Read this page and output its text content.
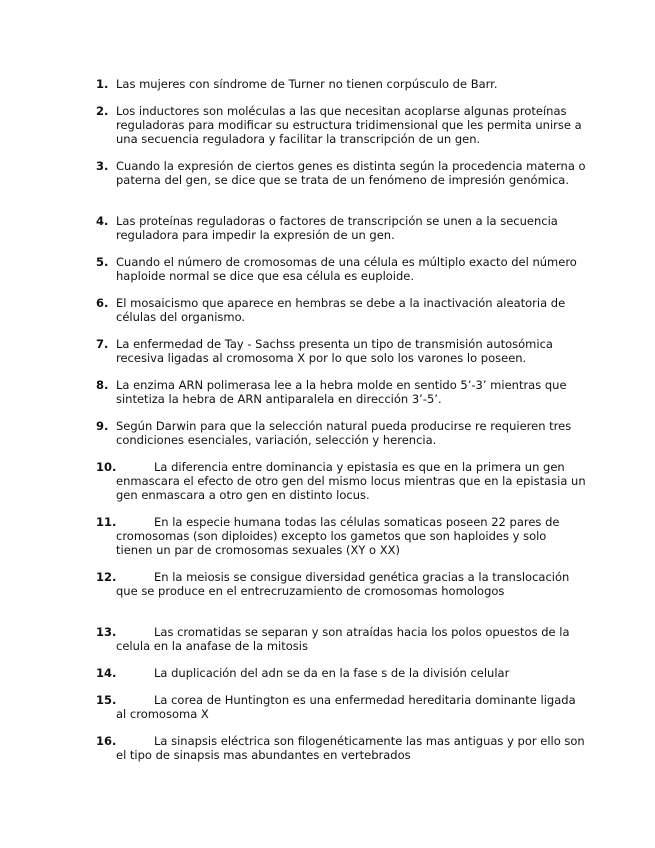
1. Las mujeres con síndrome de Turner no tienen corpúsculo de Barr.
2. Los inductores son moléculas a las que necesitan acoplarse algunas proteínas reguladoras para modificar su estructura tridimensional que les permita unirse a una secuencia reguladora y facilitar la transcripción de un gen.
3. Cuando la expresión de ciertos genes es distinta según la procedencia materna o paterna del gen, se dice que se trata de un fenómeno de impresión genómica.
4. Las proteínas reguladoras o factores de transcripción se unen a la secuencia reguladora para impedir la expresión de un gen.
5. Cuando el número de cromosomas de una célula es múltiplo exacto del número haploide normal se dice que esa célula es euploide.
6. El mosaicismo que aparece en hembras se debe a la inactivación aleatoria de células del organismo.
7. La enfermedad de Tay - Sachss presenta un tipo de transmisión autosómica recesiva ligadas al cromosoma X por lo que solo los varones lo poseen.
8. La enzima ARN polimerasa lee a la hebra molde en sentido 5’-3’ mientras que sintetiza la hebra de ARN antiparalela en dirección 3’-5’.
9. Según Darwin para que la selección natural pueda producirse re requieren tres condiciones esenciales, variación, selección y herencia.
10.	La diferencia entre dominancia y epistasia es que en la primera un gen enmascara el efecto de otro gen del mismo locus mientras que en la epistasia un gen enmascara a otro gen en distinto locus.
11.	En la especie humana todas las células somaticas poseen 22 pares de cromosomas (son diploides) excepto los gametos que son haploides y solo tienen un par de cromosomas sexuales (XY o XX)
12.	En la meiosis se consigue diversidad genética gracias a la translocación que se produce en el entrecruzamiento de cromosomas homologos
13.	Las cromatidas se separan y son atraídas hacia los polos opuestos de la celula en la anafase de la mitosis
14.	La duplicación del adn se da en la fase s de la división celular
15.	La corea de Huntington es una enfermedad hereditaria dominante ligada al cromosoma X
16.	La sinapsis eléctrica son filogenéticamente las mas antiguas y por ello son el tipo de sinapsis mas abundantes en vertebrados
